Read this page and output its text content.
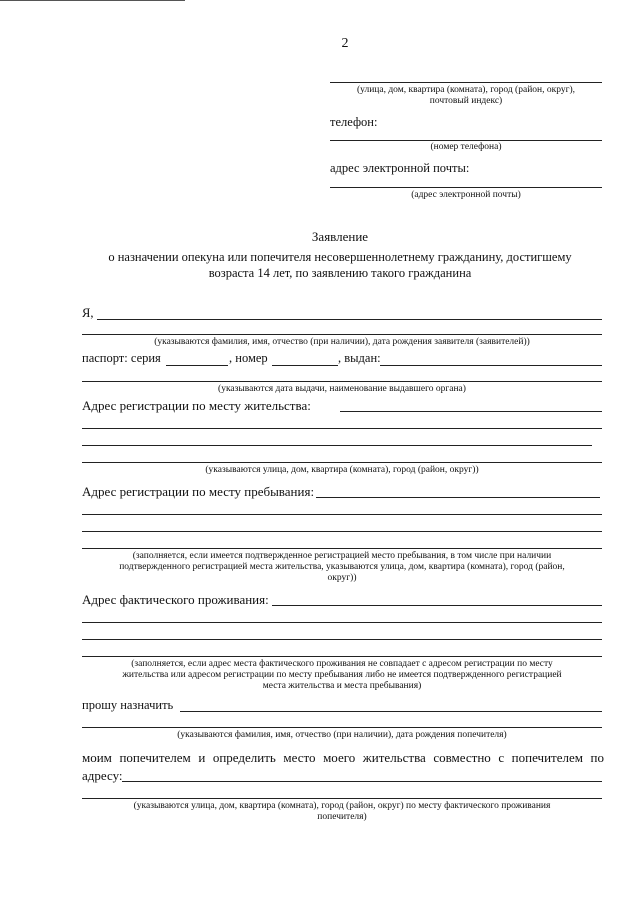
2
(улица, дом, квартира (комната), город (район, округ),
почтовый индекс)
телефон:
(номер телефона)
адрес электронной почты:
(адрес электронной почты)
Заявление
о назначении опекуна или попечителя несовершеннолетнему гражданину, достигшему
возраста 14 лет, по заявлению такого гражданина
Я,
(указываются фамилия, имя, отчество (при наличии), дата рождения заявителя (заявителей))
паспорт: серия	, номер	, выдан:
(указываются дата выдачи, наименование выдавшего органа)
Адрес регистрации по месту жительства:
(указываются улица, дом, квартира (комната), город (район, округ))
Адрес регистрации по месту пребывания:
(заполняется, если имеется подтвержденное регистрацией место пребывания, в том числе при наличии
подтвержденного регистрацией места жительства, указываются улица, дом, квартира (комната), город (район,
округ))
Адрес фактического проживания:
(заполняется, если адрес места фактического проживания не совпадает с адресом регистрации по месту
жительства или адресом регистрации по месту пребывания либо не имеется подтвержденного регистрацией
места жительства и места пребывания)
прошу назначить
(указываются фамилия, имя, отчество (при наличии), дата рождения попечителя)
моим попечителем и определить место моего жительства совместно с попечителем по
адресу:
(указываются улица, дом, квартира (комната), город (район, округ) по месту фактического проживания
попечителя)
